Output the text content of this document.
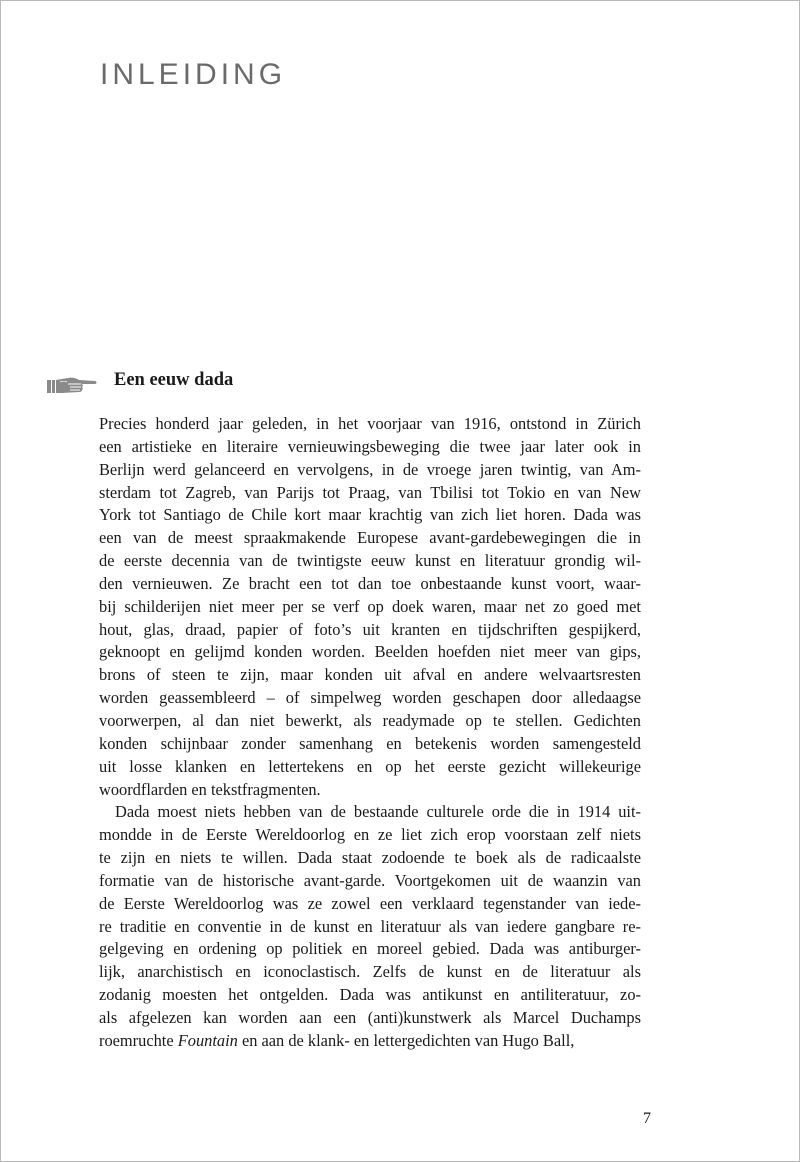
INLEIDING
Een eeuw dada
Precies honderd jaar geleden, in het voorjaar van 1916, ontstond in Zürich
een artistieke en literaire vernieuwingsbeweging die twee jaar later ook in
Berlijn werd gelanceerd en vervolgens, in de vroege jaren twintig, van Am-
sterdam tot Zagreb, van Parijs tot Praag, van Tbilisi tot Tokio en van New
York tot Santiago de Chile kort maar krachtig van zich liet horen. Dada was
een van de meest spraakmakende Europese avant-gardebewegingen die in
de eerste decennia van de twintigste eeuw kunst en literatuur grondig wil-
den vernieuwen. Ze bracht een tot dan toe onbestaande kunst voort, waar-
bij schilderijen niet meer per se verf op doek waren, maar net zo goed met
hout, glas, draad, papier of foto’s uit kranten en tijdschriften gespijkerd,
geknoopt en gelijmd konden worden. Beelden hoefden niet meer van gips,
brons of steen te zijn, maar konden uit afval en andere welvaartsresten
worden geassembleerd – of simpelweg worden geschapen door alledaagse
voorwerpen, al dan niet bewerkt, als readymade op te stellen. Gedichten
konden schijnbaar zonder samenhang en betekenis worden samengesteld
uit losse klanken en lettertekens en op het eerste gezicht willekeurige
woordflarden en tekstfragmenten.
Dada moest niets hebben van de bestaande culturele orde die in 1914 uit-
mondde in de Eerste Wereldoorlog en ze liet zich erop voorstaan zelf niets
te zijn en niets te willen. Dada staat zodoende te boek als de radicaalste
formatie van de historische avant-garde. Voortgekomen uit de waanzin van
de Eerste Wereldoorlog was ze zowel een verklaard tegenstander van iede-
re traditie en conventie in de kunst en literatuur als van iedere gangbare re-
gelgeving en ordening op politiek en moreel gebied. Dada was antiburger-
lijk, anarchistisch en iconoclastisch. Zelfs de kunst en de literatuur als
zodanig moesten het ontgelden. Dada was antikunst en antiliteratuur, zo-
als afgelezen kan worden aan een (anti)kunstwerk als Marcel Duchamps
roemruchte Fountain en aan de klank- en lettergedichten van Hugo Ball,
7
